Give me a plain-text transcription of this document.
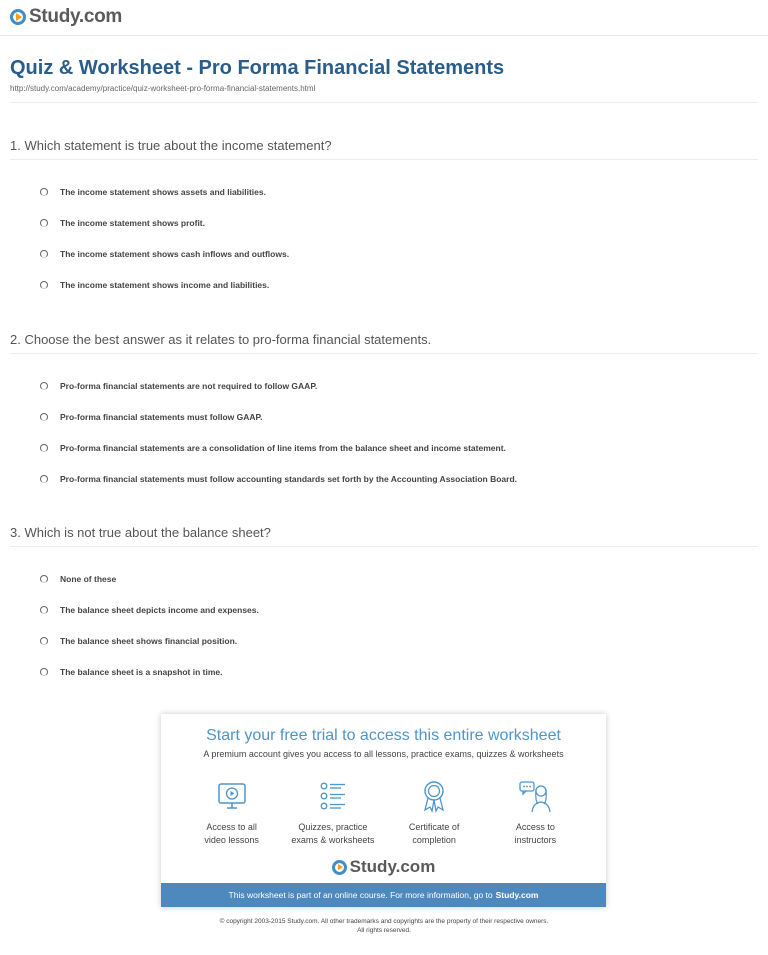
Study.com
Quiz & Worksheet - Pro Forma Financial Statements
http://study.com/academy/practice/quiz-worksheet-pro-forma-financial-statements.html
1. Which statement is true about the income statement?
The income statement shows assets and liabilities.
The income statement shows profit.
The income statement shows cash inflows and outflows.
The income statement shows income and liabilities.
2. Choose the best answer as it relates to pro-forma financial statements.
Pro-forma financial statements are not required to follow GAAP.
Pro-forma financial statements must follow GAAP.
Pro-forma financial statements are a consolidation of line items from the balance sheet and income statement.
Pro-forma financial statements must follow accounting standards set forth by the Accounting Association Board.
3. Which is not true about the balance sheet?
None of these
The balance sheet depicts income and expenses.
The balance sheet shows financial position.
The balance sheet is a snapshot in time.
Start your free trial to access this entire worksheet
A premium account gives you access to all lessons, practice exams, quizzes & worksheets
Access to all
video lessons
Quizzes, practice
exams & worksheets
Certificate of
completion
Access to
instructors
Study.com
This worksheet is part of an online course. For more information, go to Study.com
© copyright 2003-2015 Study.com. All other trademarks and copyrights are the property of their respective owners.
All rights reserved.
